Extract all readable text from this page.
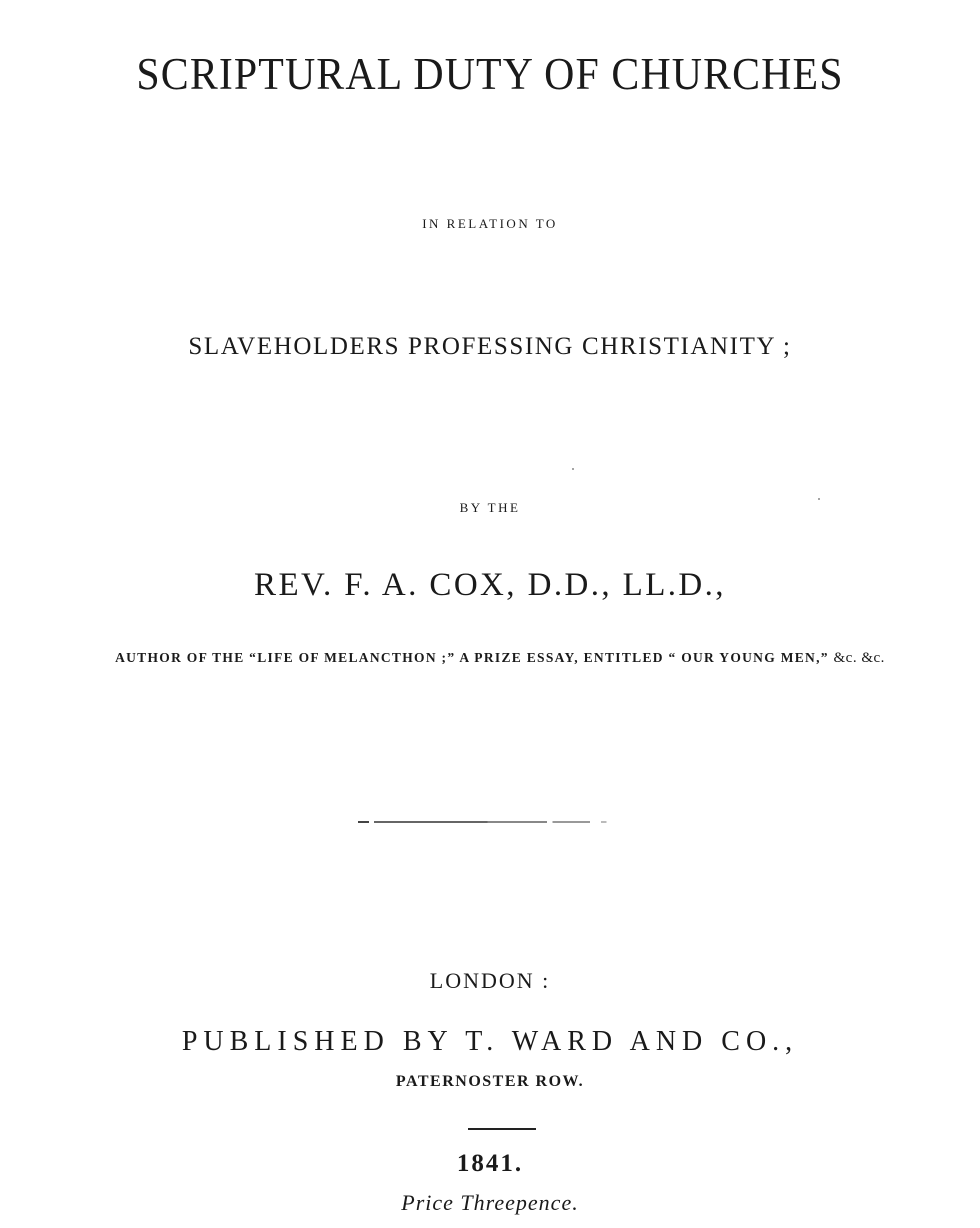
SCRIPTURAL DUTY OF CHURCHES
IN RELATION TO
SLAVEHOLDERS PROFESSING CHRISTIANITY ;
BY THE
REV. F. A. COX, D.D., LL.D.,
AUTHOR OF THE “LIFE OF MELANCTHON ;” A PRIZE ESSAY, ENTITLED “ OUR YOUNG MEN,” &c. &c.
LONDON :
PUBLISHED BY T. WARD AND CO.,
PATERNOSTER ROW.
1841.
Price Threepence.
